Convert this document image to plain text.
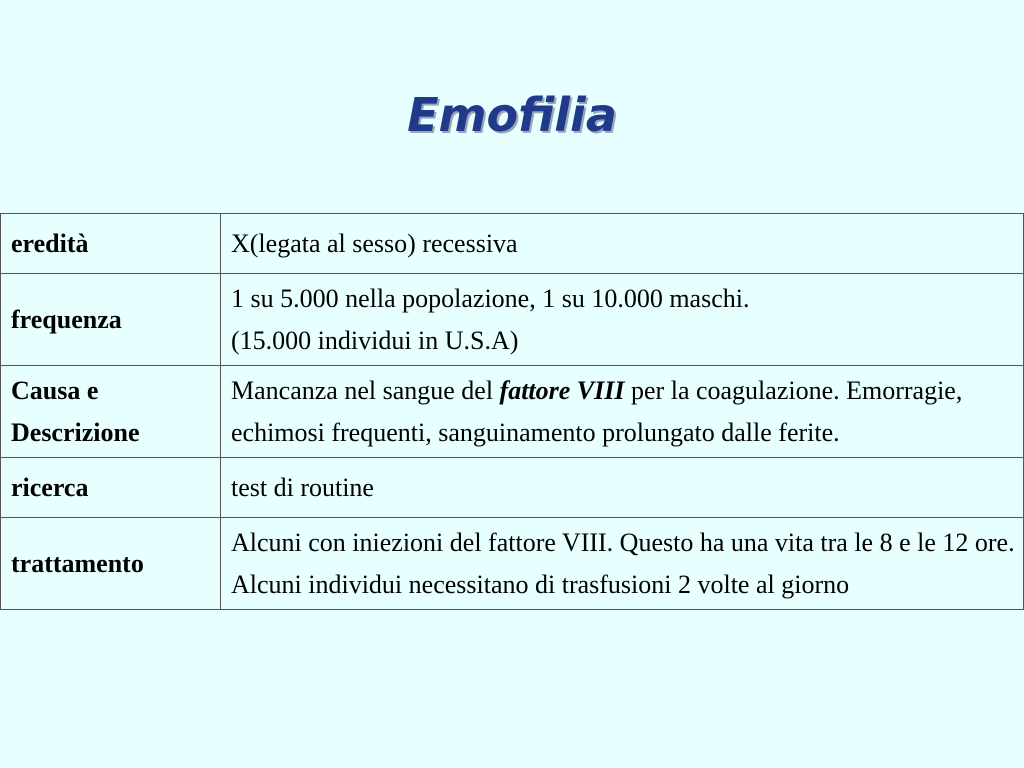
Emofilia
eredità	X(legata al sesso) recessiva
frequenza	1 su 5.000 nella popolazione, 1 su 10.000 maschi.
(15.000 individui in U.S.A)
Causa e
Descrizione	Mancanza nel sangue del fattore VIII per la coagulazione. Emorragie, echimosi frequenti, sanguinamento prolungato dalle ferite.
ricerca	test di routine
trattamento	Alcuni con iniezioni del fattore VIII. Questo ha una vita tra le 8 e le 12 ore. Alcuni individui necessitano di trasfusioni 2 volte al giorno
